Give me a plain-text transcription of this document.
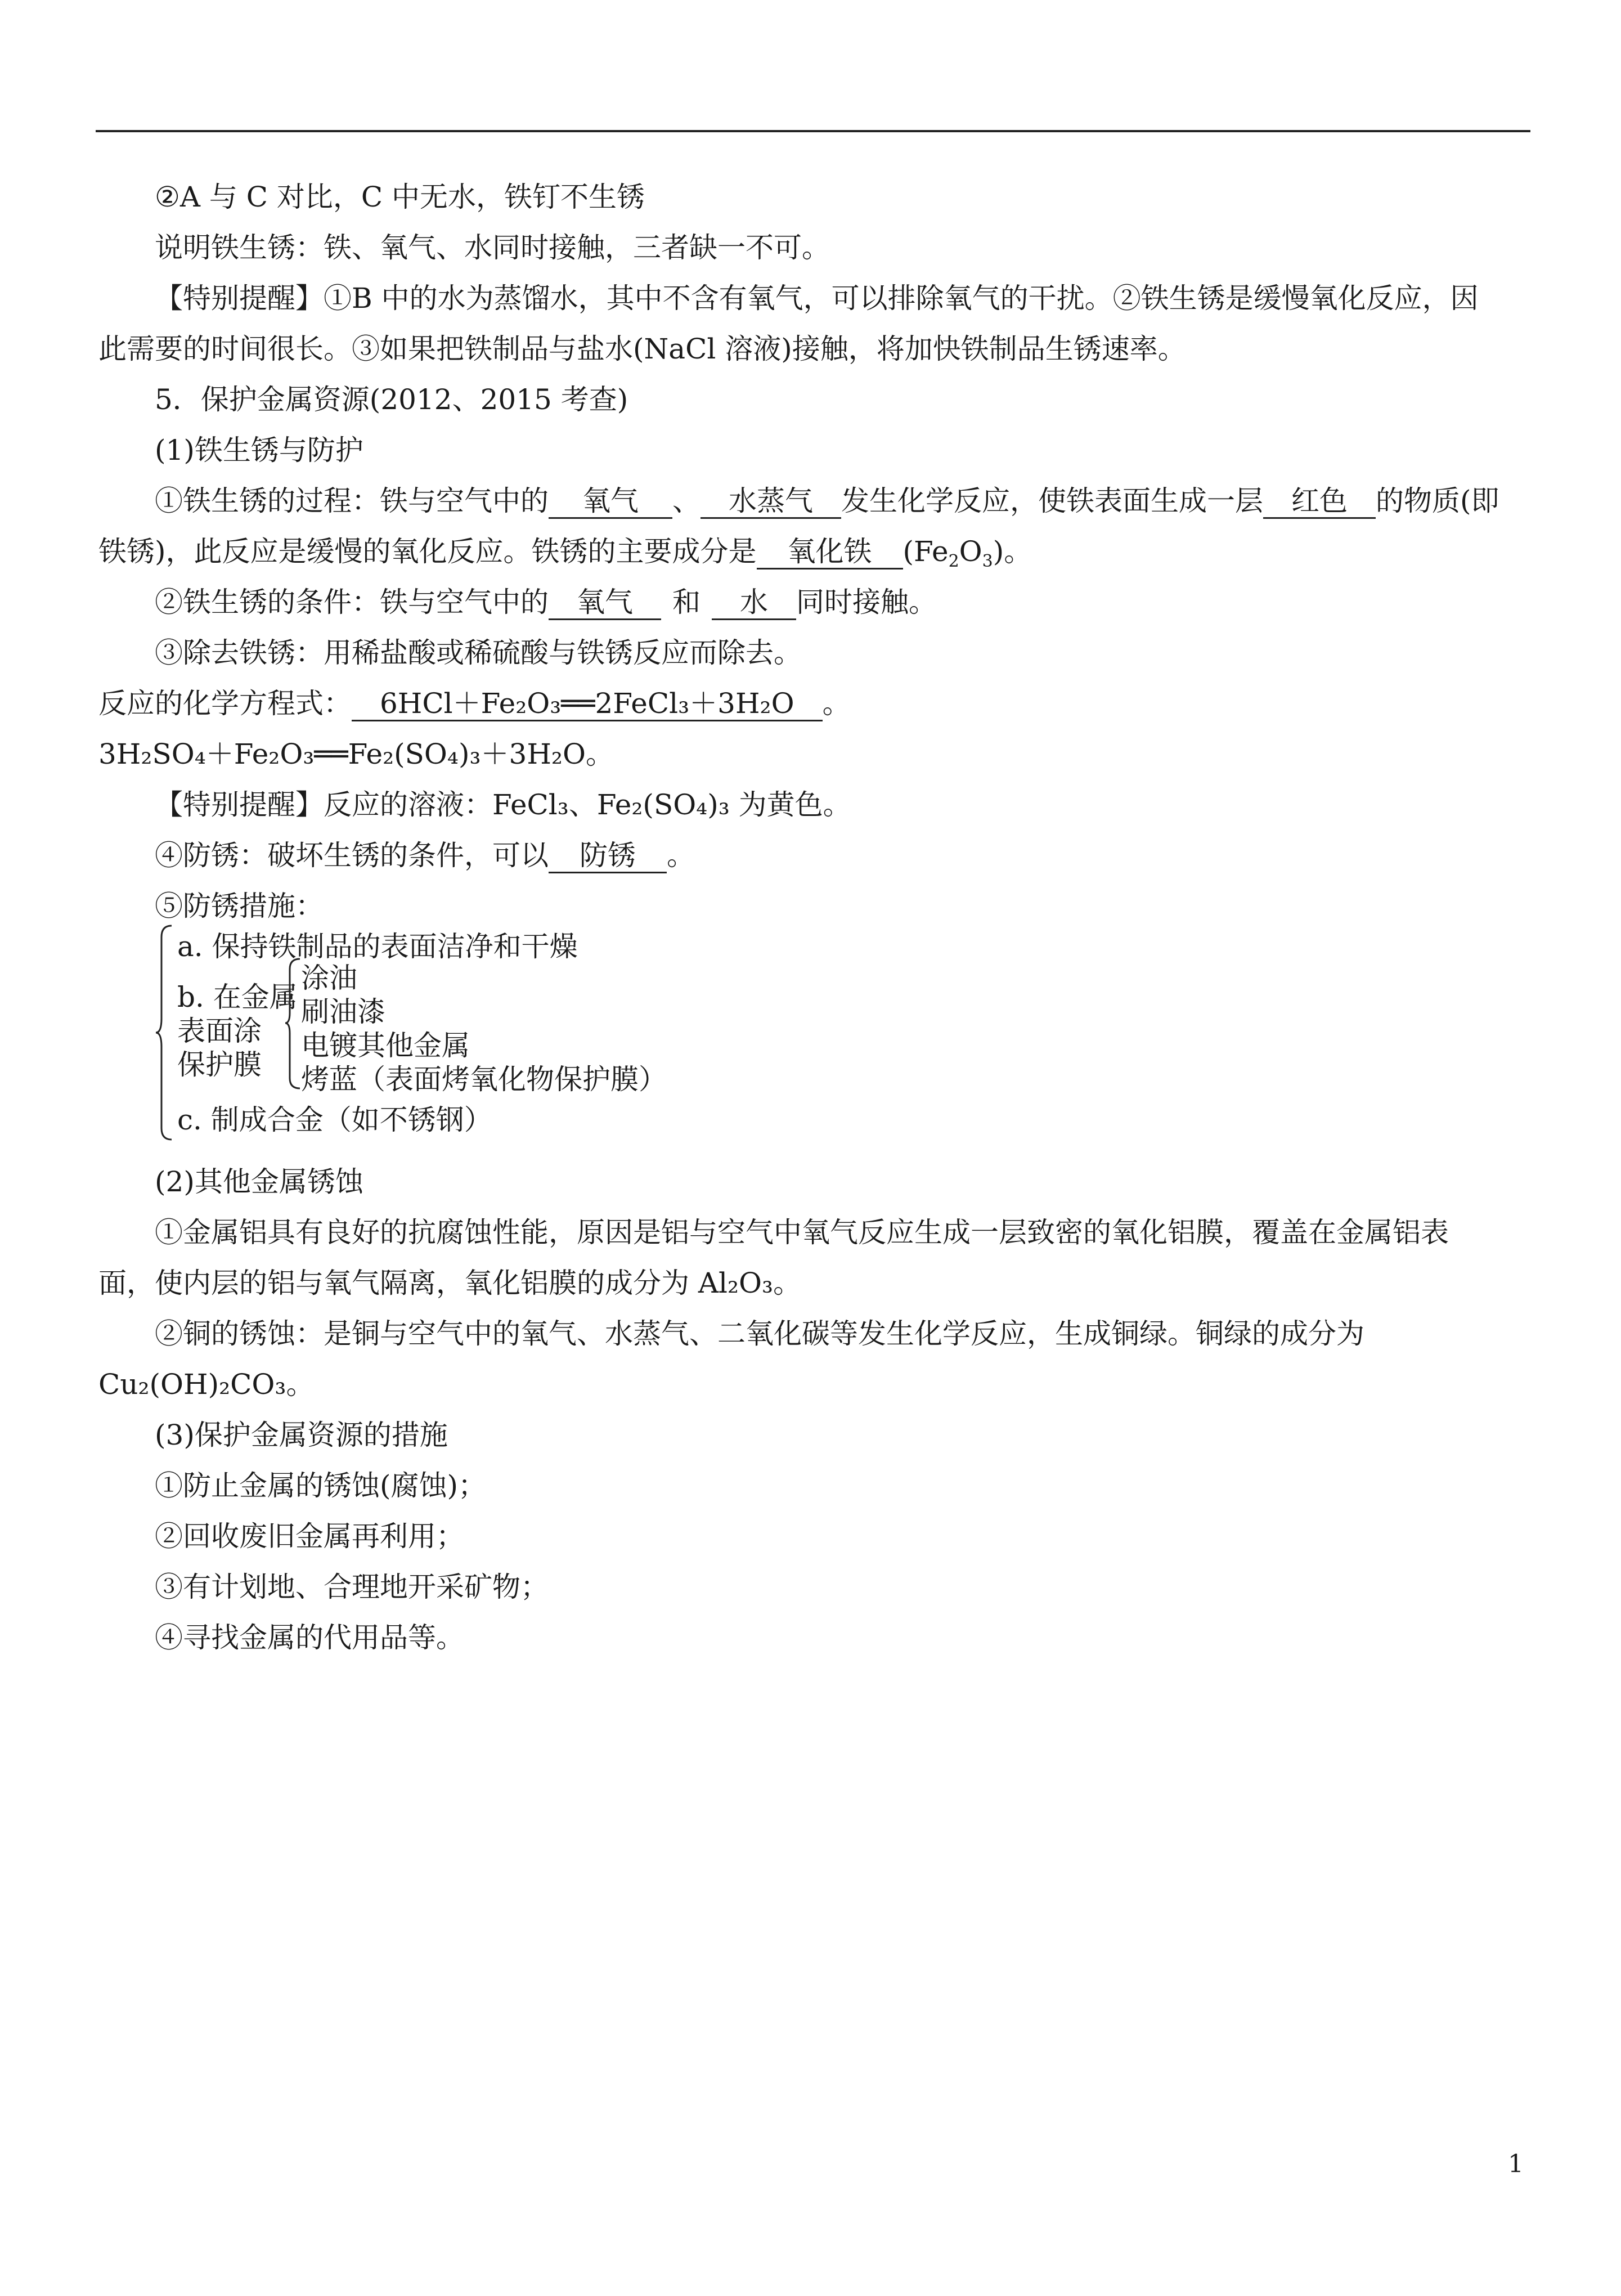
②A 与 C 对比，C 中无水，铁钉不生锈
说明铁生锈：铁、氧气、水同时接触，三者缺一不可。
【特别提醒】①B 中的水为蒸馏水，其中不含有氧气，可以排除氧气的干扰。②铁生锈是缓慢氧化反应，因
此需要的时间很长。③如果把铁制品与盐水(NaCl 溶液)接触，将加快铁制品生锈速率。
5．保护金属资源(2012、2015 考查)
(1)铁生锈与防护
①铁生锈的过程：铁与空气中的 氧气 、 水蒸气 发生化学反应，使铁表面生成一层 红色 的物质(即
铁锈)，此反应是缓慢的氧化反应。铁锈的主要成分是 氧化铁 $(Fe_2O_3)$。
②铁生锈的条件：铁与空气中的 氧气 和 水 同时接触。
③除去铁锈：用稀盐酸或稀硫酸与铁锈反应而除去。
反应的化学方程式： 6HCl＋Fe₂O₃══2FeCl₃＋3H₂O 。
3H₂SO₄＋Fe₂O₃══Fe₂(SO₄)₃＋3H₂O。
【特别提醒】反应的溶液：FeCl₃、Fe₂(SO₄)₃ 为黄色。
④防锈：破坏生锈的条件，可以 防锈 。
⑤防锈措施：
a. 保持铁制品的表面洁净和干燥
b. 在金属
表面涂
保护膜
涂油
刷油漆
电镀其他金属
烤蓝（表面烤氧化物保护膜）
c. 制成合金（如不锈钢）
(2)其他金属锈蚀
①金属铝具有良好的抗腐蚀性能，原因是铝与空气中氧气反应生成一层致密的氧化铝膜，覆盖在金属铝表
面，使内层的铝与氧气隔离，氧化铝膜的成分为 Al₂O₃。
②铜的锈蚀：是铜与空气中的氧气、水蒸气、二氧化碳等发生化学反应，生成铜绿。铜绿的成分为
Cu₂(OH)₂CO₃。
(3)保护金属资源的措施
①防止金属的锈蚀(腐蚀)；
②回收废旧金属再利用；
③有计划地、合理地开采矿物；
④寻找金属的代用品等。
1
